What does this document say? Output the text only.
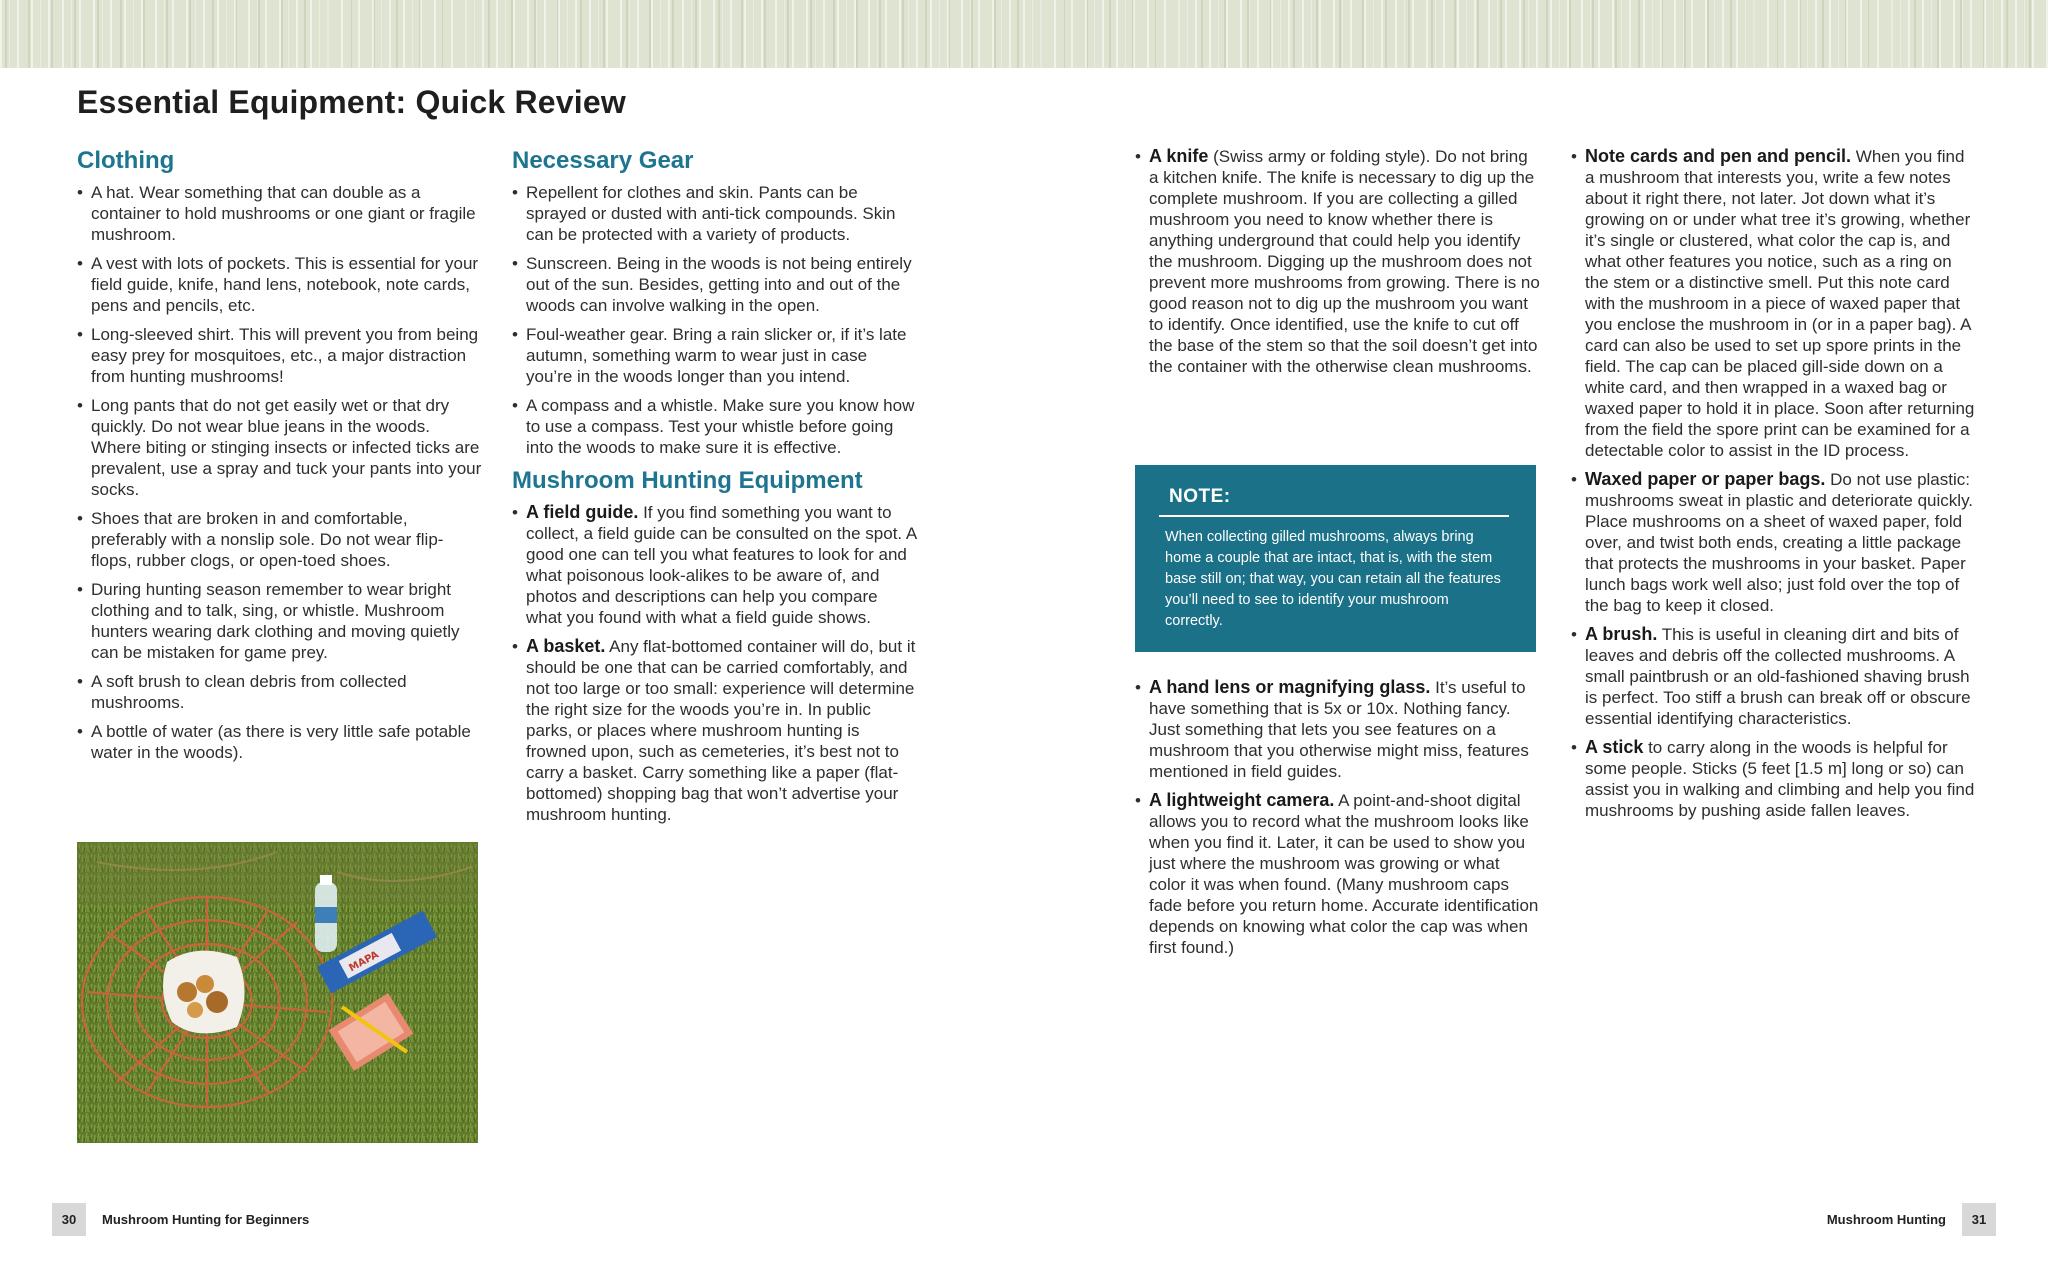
Essential Equipment: Quick Review
Clothing
• A hat. Wear something that can double as a container to hold mushrooms or one giant or fragile mushroom.
• A vest with lots of pockets. This is essential for your field guide, knife, hand lens, notebook, note cards, pens and pencils, etc.
• Long-sleeved shirt. This will prevent you from being easy prey for mosquitoes, etc., a major distraction from hunting mushrooms!
• Long pants that do not get easily wet or that dry quickly. Do not wear blue jeans in the woods. Where biting or stinging insects or infected ticks are prevalent, use a spray and tuck your pants into your socks.
• Shoes that are broken in and comfortable, preferably with a nonslip sole. Do not wear flip-flops, rubber clogs, or open-toed shoes.
• During hunting season remember to wear bright clothing and to talk, sing, or whistle. Mushroom hunters wearing dark clothing and moving quietly can be mistaken for game prey.
• A soft brush to clean debris from collected mushrooms.
• A bottle of water (as there is very little safe potable water in the woods).
MAPA
Necessary Gear
• Repellent for clothes and skin. Pants can be sprayed or dusted with anti-tick compounds. Skin can be protected with a variety of products.
• Sunscreen. Being in the woods is not being entirely out of the sun. Besides, getting into and out of the woods can involve walking in the open.
• Foul-weather gear. Bring a rain slicker or, if it’s late autumn, something warm to wear just in case you’re in the woods longer than you intend.
• A compass and a whistle. Make sure you know how to use a compass. Test your whistle before going into the woods to make sure it is effective.
Mushroom Hunting Equipment
• A field guide. If you find something you want to collect, a field guide can be consulted on the spot. A good one can tell you what features to look for and what poisonous look-alikes to be aware of, and photos and descriptions can help you compare what you found with what a field guide shows.
• A basket. Any flat-bottomed container will do, but it should be one that can be carried comfortably, and not too large or too small: experience will determine the right size for the woods you’re in. In public parks, or places where mushroom hunting is frowned upon, such as cemeteries, it’s best not to carry a basket. Carry something like a paper (flat-bottomed) shopping bag that won’t advertise your mushroom hunting.
• A knife (Swiss army or folding style). Do not bring a kitchen knife. The knife is necessary to dig up the complete mushroom. If you are collecting a gilled mushroom you need to know whether there is anything underground that could help you identify the mushroom. Digging up the mushroom does not prevent more mushrooms from growing. There is no good reason not to dig up the mushroom you want to identify. Once identified, use the knife to cut off the base of the stem so that the soil doesn’t get into the container with the otherwise clean mushrooms.
NOTE:
When collecting gilled mushrooms, always bring home a couple that are intact, that is, with the stem base still on; that way, you can retain all the features you’ll need to see to identify your mushroom correctly.
• A hand lens or magnifying glass. It’s useful to have something that is 5x or 10x. Nothing fancy. Just something that lets you see features on a mushroom that you otherwise might miss, features mentioned in field guides.
• A lightweight camera. A point-and-shoot digital allows you to record what the mushroom looks like when you find it. Later, it can be used to show you just where the mushroom was growing or what color it was when found. (Many mushroom caps fade before you return home. Accurate identification depends on knowing what color the cap was when first found.)
• Note cards and pen and pencil. When you find a mushroom that interests you, write a few notes about it right there, not later. Jot down what it’s growing on or under what tree it’s growing, whether it’s single or clustered, what color the cap is, and what other features you notice, such as a ring on the stem or a distinctive smell. Put this note card with the mushroom in a piece of waxed paper that you enclose the mushroom in (or in a paper bag). A card can also be used to set up spore prints in the field. The cap can be placed gill-side down on a white card, and then wrapped in a waxed bag or waxed paper to hold it in place. Soon after returning from the field the spore print can be examined for a detectable color to assist in the ID process.
• Waxed paper or paper bags. Do not use plastic: mushrooms sweat in plastic and deteriorate quickly. Place mushrooms on a sheet of waxed paper, fold over, and twist both ends, creating a little package that protects the mushrooms in your basket. Paper lunch bags work well also; just fold over the top of the bag to keep it closed.
• A brush. This is useful in cleaning dirt and bits of leaves and debris off the collected mushrooms. A small paintbrush or an old-fashioned shaving brush is perfect. Too stiff a brush can break off or obscure essential identifying characteristics.
• A stick to carry along in the woods is helpful for some people. Sticks (5 feet [1.5 m] long or so) can assist you in walking and climbing and help you find mushrooms by pushing aside fallen leaves.
30	Mushroom Hunting for Beginners	Mushroom Hunting	31
